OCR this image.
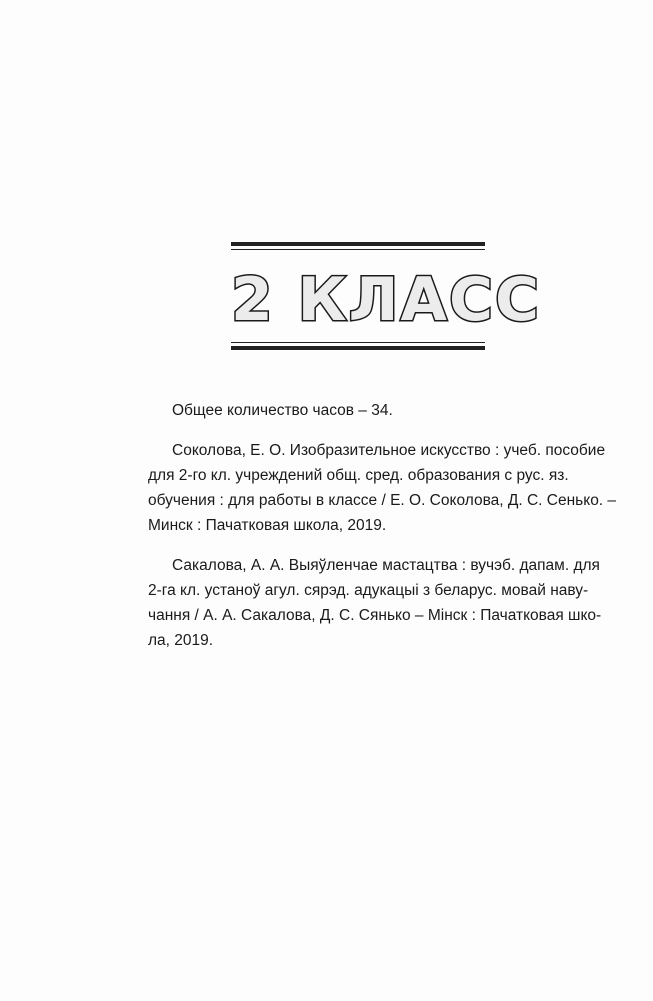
2 КЛАСС

Общее количество часов – 34.

Соколова, Е. О. Изобразительное искусство : учеб. пособие
для 2-го кл. учреждений общ. сред. образования с рус. яз.
обучения : для работы в классе / Е. О. Соколова, Д. С. Сенько. –
Минск : Пачатковая школа, 2019.

Сакалова, А. А. Выяўленчае мастацтва : вучэб. дапам. для
2-га кл. устаноў агул. сярэд. адукацыі з беларус. мовай наву-
чання / А. А. Сакалова, Д. С. Сянько – Мінск : Пачатковая шко-
ла, 2019.
